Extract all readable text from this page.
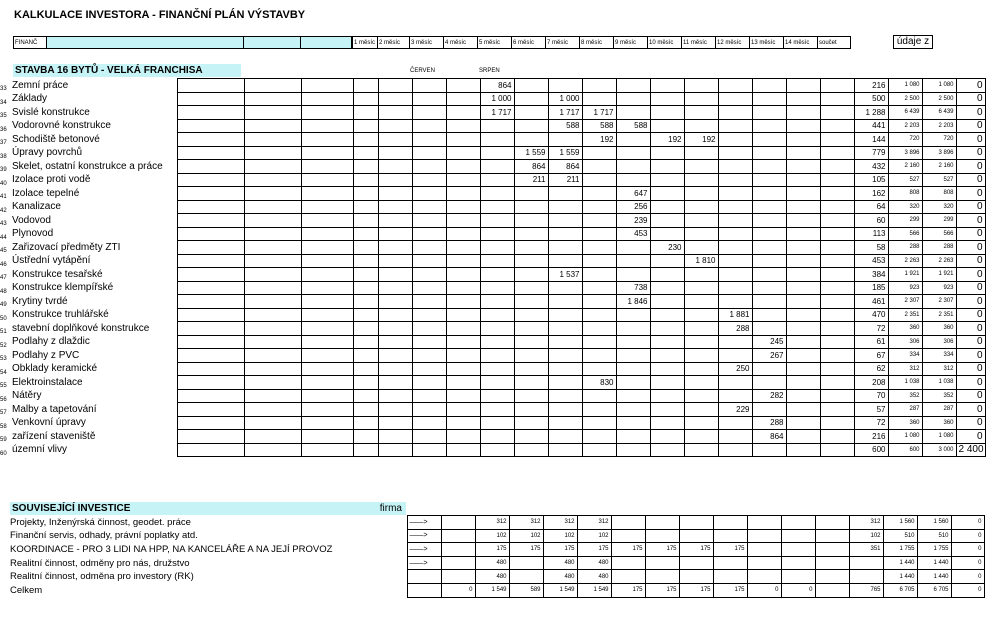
KALKULACE INVESTORA - FINANČNÍ PLÁN VÝSTAVBY
FINANČ	1 měsíc 2 měsíc	3 měsíc	4 měsíc	5 měsíc	6 měsíc	7 měsíc	8 měsíc	9 měsíc	10 měsíc	11 měsíc	12 měsíc	13 měsíc	14 měsíc	součet	údaje z
STAVBA 16 BYTŮ - VELKÁ FRANCHISA	ČERVEN	SRPEN
33	Zemní práce								864											216	1 080	1 080	0
34	Základy								1 000		1 000									500	2 500	2 500	0
35	Svislé konstrukce								1 717		1 717	1 717								1 288	6 439	6 439	0
36	Vodorovné konstrukce										588	588	588							441	2 203	2 203	0
37	Schodiště betonové											192		192	192					144	720	720	0
38	Úpravy povrchů									1 559	1 559									779	3 896	3 896	0
39	Skelet, ostatní konstrukce a práce									864	864									432	2 160	2 160	0
40	Izolace proti vodě									211	211									105	527	527	0
41	Izolace tepelné												647							162	808	808	0
42	Kanalizace												256							64	320	320	0
43	Vodovod												239							60	299	299	0
44	Plynovod												453							113	566	566	0
45	Zařizovací předměty ZTI													230						58	288	288	0
46	Ústřední vytápění														1 810					453	2 263	2 263	0
47	Konstrukce tesařské										1 537									384	1 921	1 921	0
48	Konstrukce klempířské												738							185	923	923	0
49	Krytiny tvrdé												1 846							461	2 307	2 307	0
50	Konstrukce truhlářské															1 881				470	2 351	2 351	0
51	stavební doplňkové konstrukce															288				72	360	360	0
52	Podlahy z dlaždic																245			61	306	306	0
53	Podlahy z PVC																267			67	334	334	0
54	Obklady keramické															250				62	312	312	0
55	Elektroinstalace											830								208	1 038	1 038	0
56	Nátěry																282			70	352	352	0
57	Malby a tapetování															229				57	287	287	0
58	Venkovní úpravy																288			72	360	360	0
59	zařízení staveniště																864			216	1 080	1 080	0
60	územní vlivy																			600	600	3 000	2 400
SOUVISEJÍCÍ INVESTICE	firma
Projekty, Inženýrská činnost, geodet. práce	——>		312	312	312	312								312	1 560	1 560	0
Finanční servis, odhady, právní poplatky atd.	——>		102	102	102	102								102	510	510	0
KOORDINACE - PRO 3 LIDI NA HPP, NA KANCELÁŘE A NA JEJÍ PROVOZ	——>		175	175	175	175	175	175	175	175				351	1 755	1 755	0
Realitní činnost, odměny pro nás, družstvo	——>		480		480	480									1 440	1 440	0
Realitní činnost, odměna pro investory (RK)			480		480	480									1 440	1 440	0
Celkem		0	1 549	589	1 549	1 549	175	175	175	175	0	0		765	6 705	6 705	0
